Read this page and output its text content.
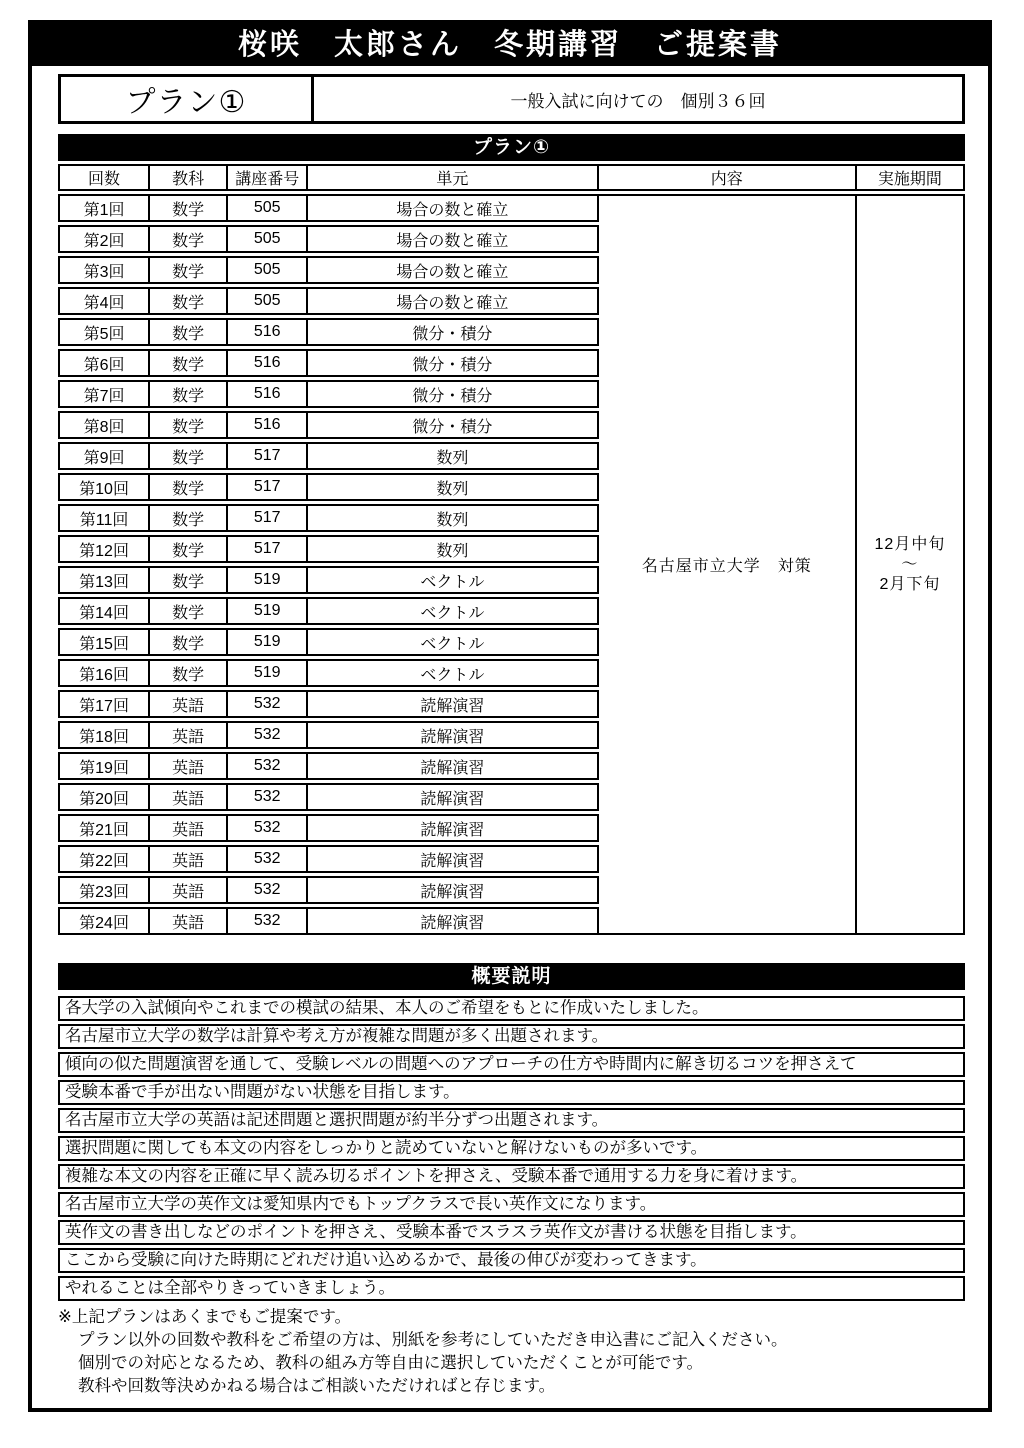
桜咲　太郎さん　冬期講習　ご提案書
プラン①	一般入試に向けての　個別３６回
プラン①
回数	教科	講座番号	単元	内容	実施期間
第1回	数学	505	場合の数と確立	名古屋市立大学　対策	12月中旬
～
2月下旬

第2回	数学	505	場合の数と確立		
第3回	数学	505	場合の数と確立		
第4回	数学	505	場合の数と確立		
第5回	数学	516	微分・積分		
第6回	数学	516	微分・積分		
第7回	数学	516	微分・積分		
第8回	数学	516	微分・積分		
第9回	数学	517	数列		
第10回	数学	517	数列		
第11回	数学	517	数列		
第12回	数学	517	数列		
第13回	数学	519	ベクトル		
第14回	数学	519	ベクトル		
第15回	数学	519	ベクトル		
第16回	数学	519	ベクトル		
第17回	英語	532	読解演習		
第18回	英語	532	読解演習		
第19回	英語	532	読解演習		
第20回	英語	532	読解演習		
第21回	英語	532	読解演習		
第22回	英語	532	読解演習		
第23回	英語	532	読解演習		
第24回	英語	532	読解演習		
概要説明
各大学の入試傾向やこれまでの模試の結果、本人のご希望をもとに作成いたしました。
名古屋市立大学の数学は計算や考え方が複雑な問題が多く出題されます。
傾向の似た問題演習を通して、受験レベルの問題へのアプローチの仕方や時間内に解き切るコツを押さえて
受験本番で手が出ない問題がない状態を目指します。
名古屋市立大学の英語は記述問題と選択問題が約半分ずつ出題されます。
選択問題に関しても本文の内容をしっかりと読めていないと解けないものが多いです。
複雑な本文の内容を正確に早く読み切るポイントを押さえ、受験本番で通用する力を身に着けます。
名古屋市立大学の英作文は愛知県内でもトップクラスで長い英作文になります。
英作文の書き出しなどのポイントを押さえ、受験本番でスラスラ英作文が書ける状態を目指します。
ここから受験に向けた時期にどれだけ追い込めるかで、最後の伸びが変わってきます。
やれることは全部やりきっていきましょう。
※上記プランはあくまでもご提案です。
プラン以外の回数や教科をご希望の方は、別紙を参考にしていただき申込書にご記入ください。
個別での対応となるため、教科の組み方等自由に選択していただくことが可能です。
教科や回数等決めかねる場合はご相談いただければと存じます。
